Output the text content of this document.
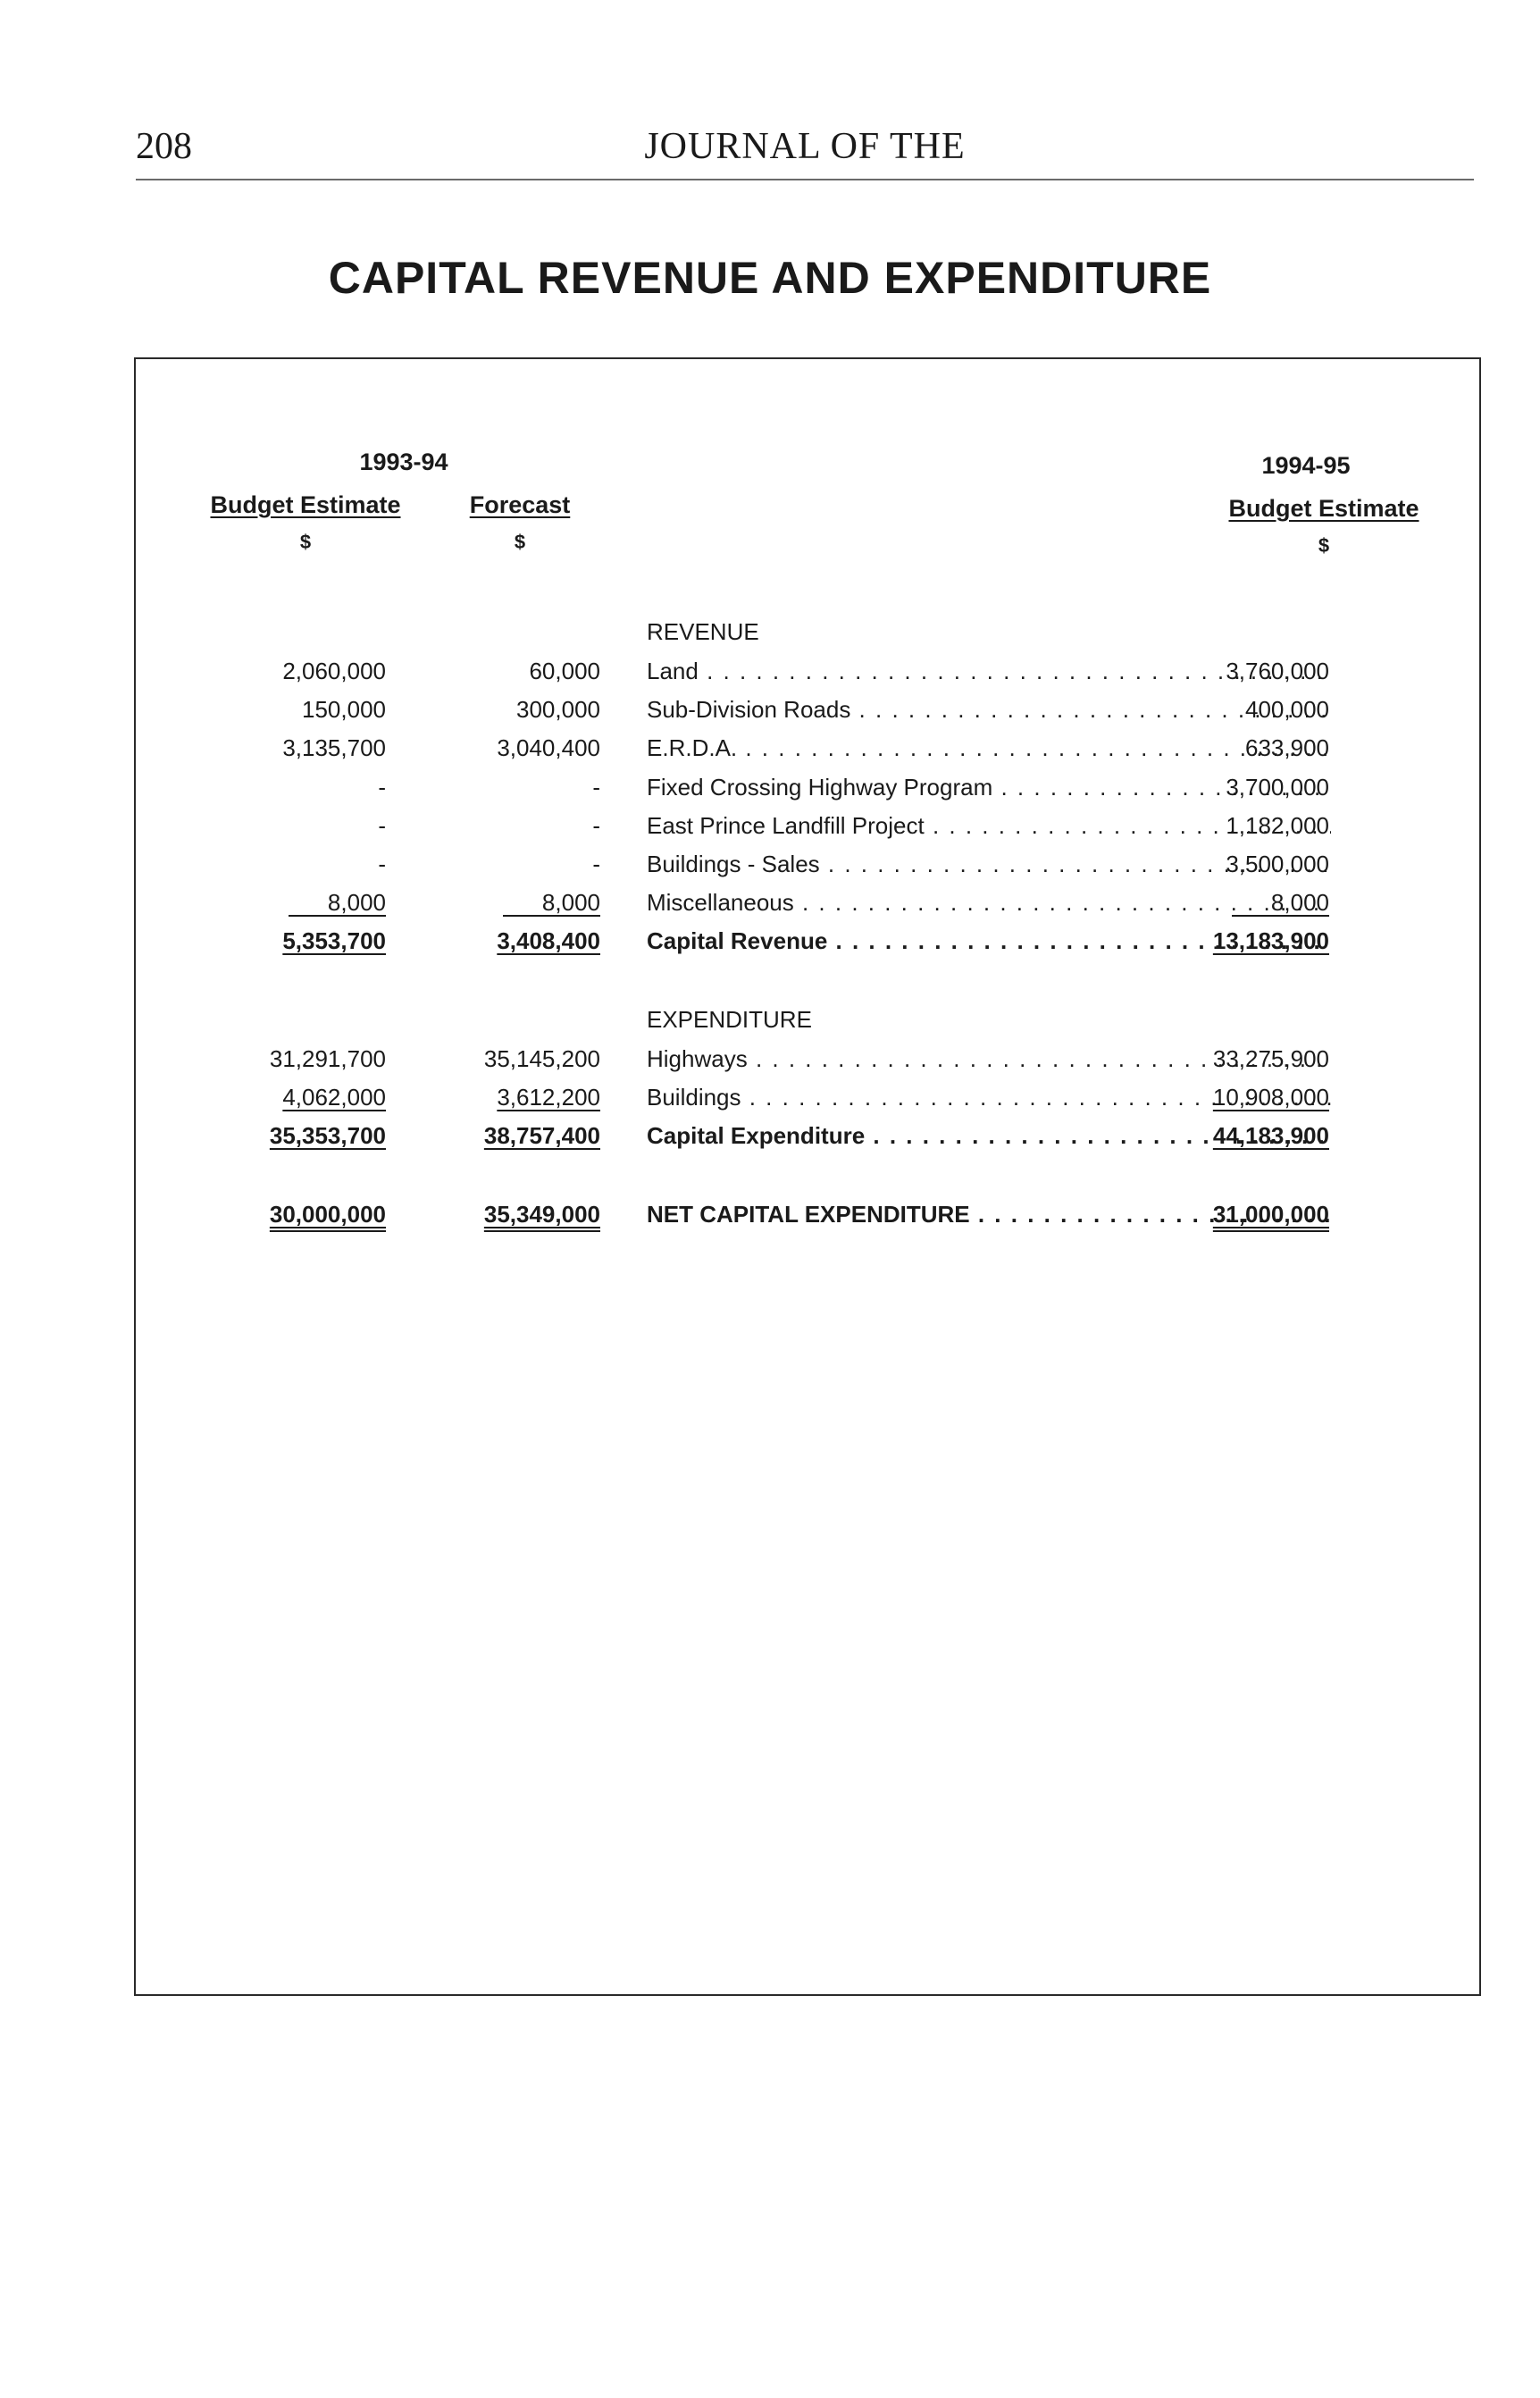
208	JOURNAL OF THE
CAPITAL REVENUE AND EXPENDITURE
1993-94	1994-95
Budget Estimate	Forecast	Budget Estimate
$	$	$
REVENUE
2,060,000	60,000 Land . . .	3,760,000
150,000	300,000 Sub-Division Roads . . .	400,000
3,135,700	3,040,400 E.R.D.A. . . .	633,900
-	- Fixed Crossing Highway Program . . .	3,700,000
-	- East Prince Landfill Project . . .	1,182,000
-	- Buildings - Sales . . .	3,500,000
8,000	8,000 Miscellaneous . . .	8,000
5,353,700	3,408,400 Capital Revenue . . .	13,183,900
EXPENDITURE
31,291,700	35,145,200 Highways . . .	33,275,900
4,062,000	3,612,200 Buildings . . .	10,908,000
35,353,700	38,757,400 Capital Expenditure . . .	44,183,900
30,000,000	35,349,000 NET CAPITAL EXPENDITURE . . .	31,000,000
